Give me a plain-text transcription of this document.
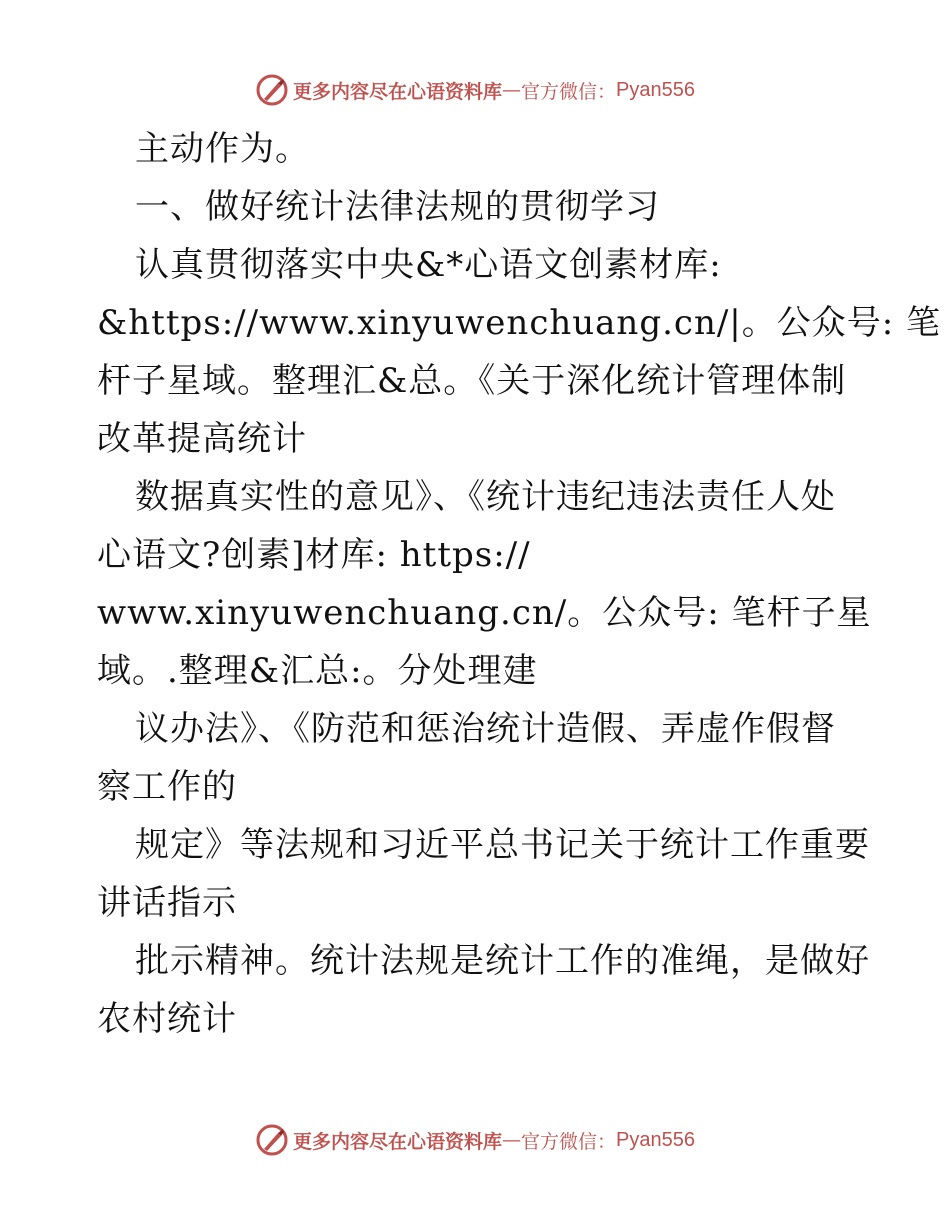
更多内容尽在心语资料库 — 官方微信： Pyan556
主动作为。
一、做好统计法律法规的贯彻学习
认真贯彻落实中央&*心语文创素材库:
&https://www.xinyuwenchuang.cn/|。公众号: 笔
杆子星域。整理汇&总。《关于深化统计管理体制
改革提高统计
数据真实性的意见》、《统计违纪违法责任人处
心语文?创素]材库: https://
www.xinyuwenchuang.cn/。公众号: 笔杆子星
域。.整理&汇总:。分处理建
议办法》、《防范和惩治统计造假、弄虚作假督
察工作的
规定》等法规和习近平总书记关于统计工作重要
讲话指示
批示精神。统计法规是统计工作的准绳，是做好
农村统计
更多内容尽在心语资料库 — 官方微信： Pyan556
